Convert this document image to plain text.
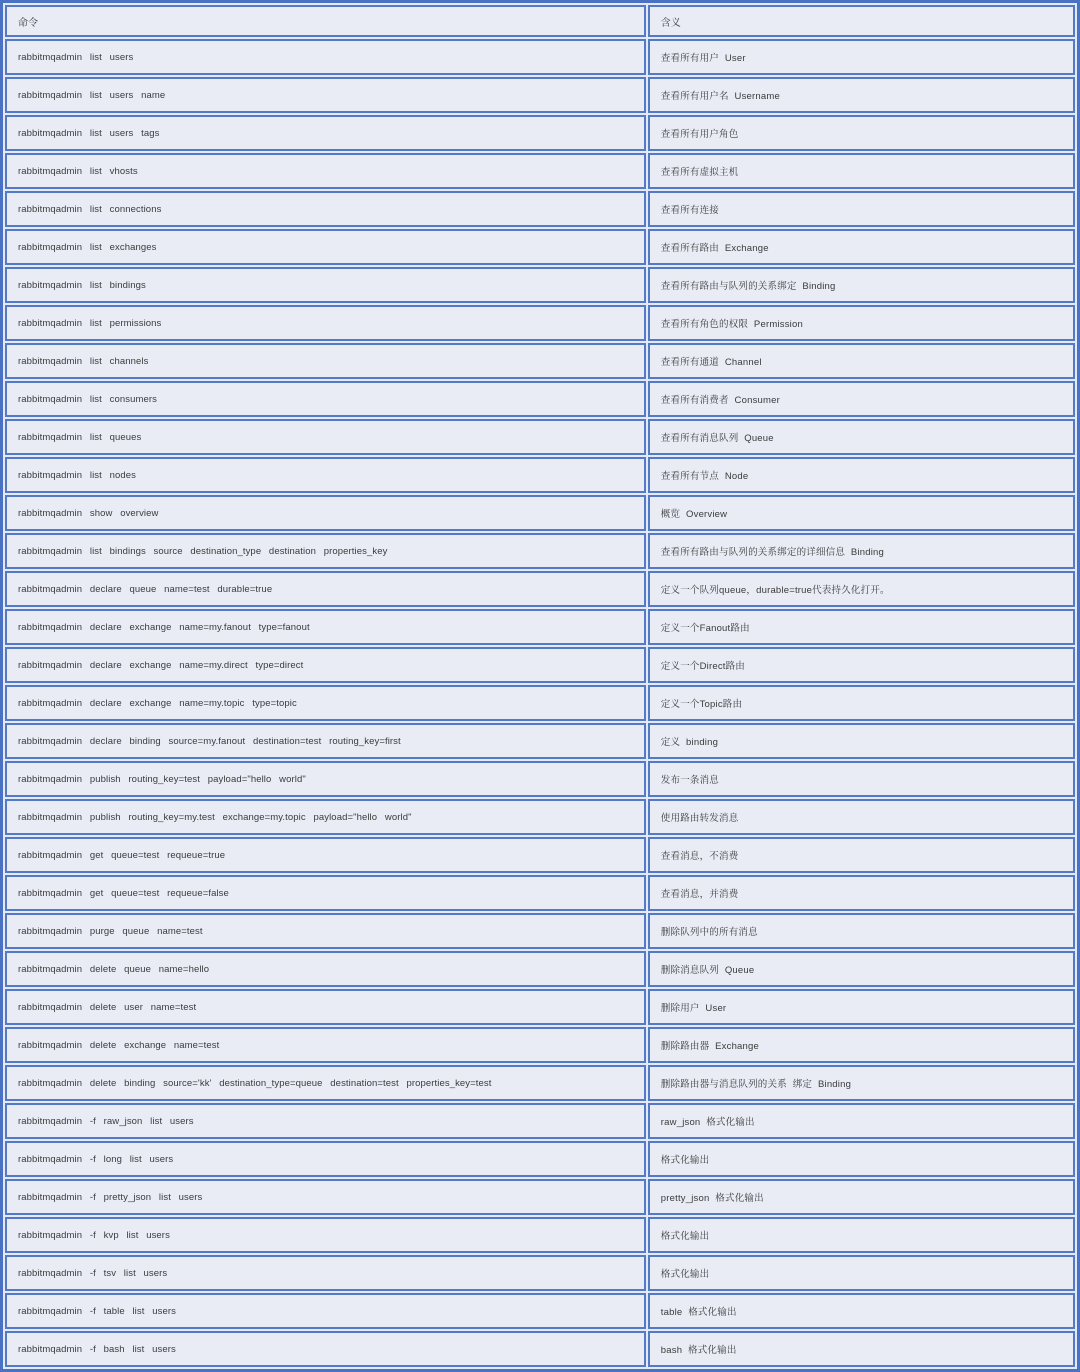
命令	含义
rabbitmqadmin list users	查看所有用户 User
rabbitmqadmin list users name	查看所有用户名 Username
rabbitmqadmin list users tags	查看所有用户角色
rabbitmqadmin list vhosts	查看所有虚拟主机
rabbitmqadmin list connections	查看所有连接
rabbitmqadmin list exchanges	查看所有路由 Exchange
rabbitmqadmin list bindings	查看所有路由与队列的关系绑定 Binding
rabbitmqadmin list permissions	查看所有角色的权限 Permission
rabbitmqadmin list channels	查看所有通道 Channel
rabbitmqadmin list consumers	查看所有消费者 Consumer
rabbitmqadmin list queues	查看所有消息队列 Queue
rabbitmqadmin list nodes	查看所有节点 Node
rabbitmqadmin show overview	概览 Overview
rabbitmqadmin list bindings source destination_type destination properties_key	查看所有路由与队列的关系绑定的详细信息 Binding
rabbitmqadmin declare queue name=test durable=true	定义一个队列queue，durable=true代表持久化打开。
rabbitmqadmin declare exchange name=my.fanout type=fanout	定义一个Fanout路由
rabbitmqadmin declare exchange name=my.direct type=direct	定义一个Direct路由
rabbitmqadmin declare exchange name=my.topic type=topic	定义一个Topic路由
rabbitmqadmin declare binding source=my.fanout destination=test routing_key=first	定义 binding
rabbitmqadmin publish routing_key=test payload="hello world"	发布一条消息
rabbitmqadmin publish routing_key=my.test exchange=my.topic payload="hello world"	使用路由转发消息
rabbitmqadmin get queue=test requeue=true	查看消息，不消费
rabbitmqadmin get queue=test requeue=false	查看消息，并消费
rabbitmqadmin purge queue name=test	删除队列中的所有消息
rabbitmqadmin delete queue name=hello	删除消息队列 Queue
rabbitmqadmin delete user name=test	删除用户 User
rabbitmqadmin delete exchange name=test	删除路由器 Exchange
rabbitmqadmin delete binding source='kk' destination_type=queue destination=test properties_key=test	删除路由器与消息队列的关系 绑定 Binding
rabbitmqadmin -f raw_json list users	raw_json 格式化输出
rabbitmqadmin -f long list users	格式化输出
rabbitmqadmin -f pretty_json list users	pretty_json 格式化输出
rabbitmqadmin -f kvp list users	格式化输出
rabbitmqadmin -f tsv list users	格式化输出
rabbitmqadmin -f table list users	table 格式化输出
rabbitmqadmin -f bash list users	bash 格式化输出
